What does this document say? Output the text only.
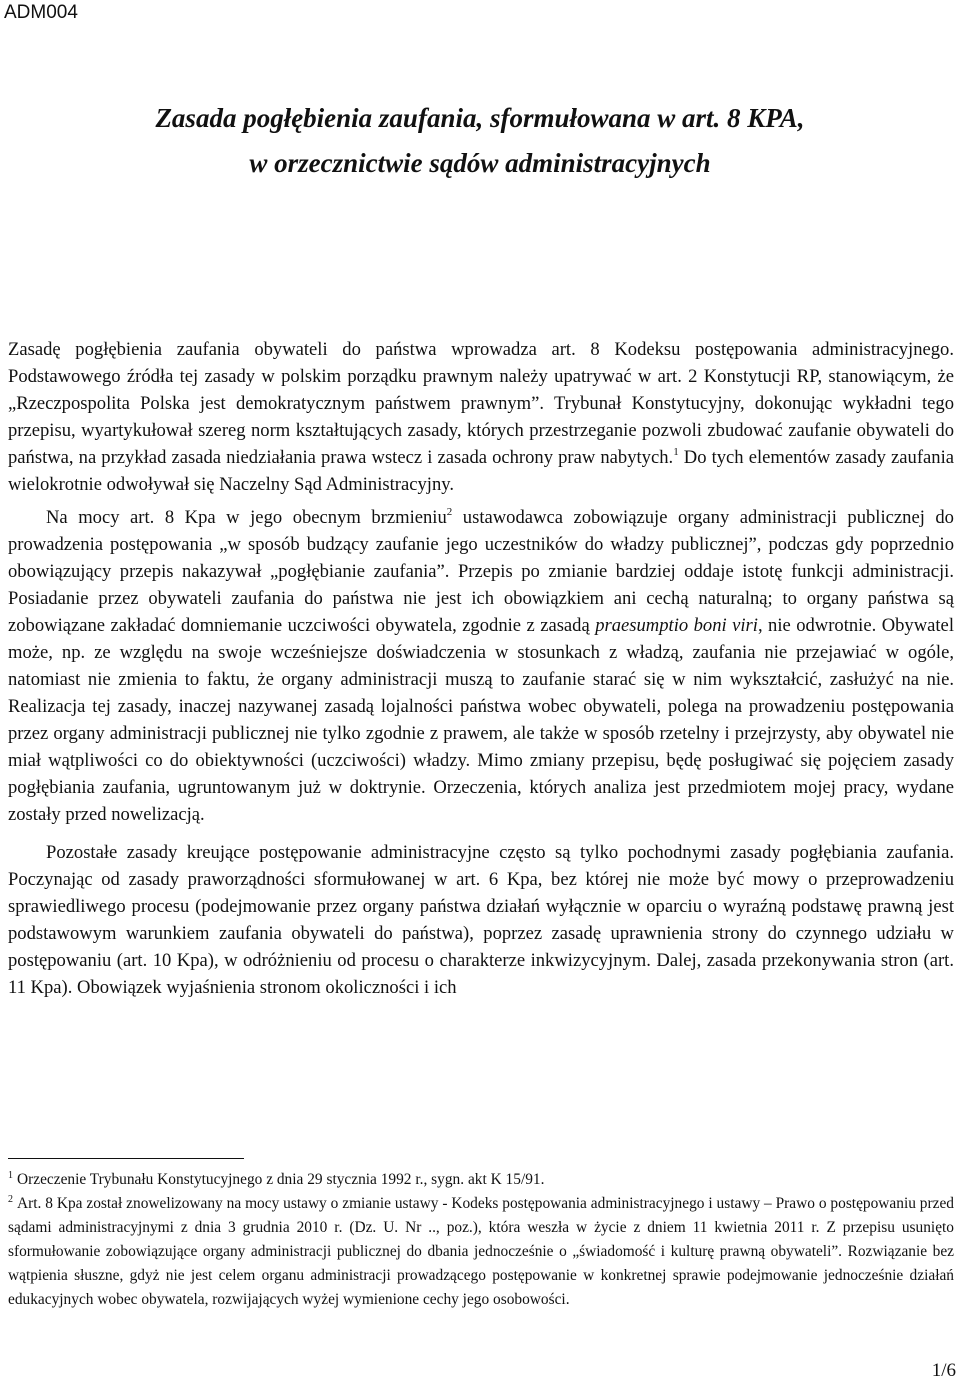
ADM004
Zasada pogłębienia zaufania, sformułowana w art. 8 KPA,
w orzecznictwie sądów administracyjnych

Zasadę pogłębienia zaufania obywateli do państwa wprowadza art. 8 Kodeksu postępowania administracyjnego. Podstawowego źródła tej zasady w polskim porządku prawnym należy upatrywać w art. 2 Konstytucji RP, stanowiącym, że „Rzeczpospolita Polska jest demokratycznym państwem prawnym”. Trybunał Konstytucyjny, dokonując wykładni tego przepisu, wyartykułował szereg norm kształtujących zasady, których przestrzeganie pozwoli zbudować zaufanie obywateli do państwa, na przykład zasada niedziałania prawa wstecz i zasada ochrony praw nabytych.$^1$ Do tych elementów zasady zaufania wielokrotnie odwoływał się Naczelny Sąd Administracyjny.

Na mocy art. 8 Kpa w jego obecnym brzmieniu$^2$ ustawodawca zobowiązuje organy administracji publicznej do prowadzenia postępowania „w sposób budzący zaufanie jego uczestników do władzy publicznej”, podczas gdy poprzednio obowiązujący przepis nakazywał „pogłębianie zaufania”. Przepis po zmianie bardziej oddaje istotę funkcji administracji. Posiadanie przez obywateli zaufania do państwa nie jest ich obowiązkiem ani cechą naturalną; to organy państwa są zobowiązane zakładać domniemanie uczciwości obywatela, zgodnie z zasadą praesumptio boni viri, nie odwrotnie. Obywatel może, np. ze względu na swoje wcześniejsze doświadczenia w stosunkach z władzą, zaufania nie przejawiać w ogóle, natomiast nie zmienia to faktu, że organy administracji muszą to zaufanie starać się w nim wykształcić, zasłużyć na nie. Realizacja tej zasady, inaczej nazywanej zasadą lojalności państwa wobec obywateli, polega na prowadzeniu postępowania przez organy administracji publicznej nie tylko zgodnie z prawem, ale także w sposób rzetelny i przejrzysty, aby obywatel nie miał wątpliwości co do obiektywności (uczciwości) władzy. Mimo zmiany przepisu, będę posługiwać się pojęciem zasady pogłębiania zaufania, ugruntowanym już w doktrynie. Orzeczenia, których analiza jest przedmiotem mojej pracy, wydane zostały przed nowelizacją.

Pozostałe zasady kreujące postępowanie administracyjne często są tylko pochodnymi zasady pogłębiania zaufania. Poczynając od zasady praworządności sformułowanej w art. 6 Kpa, bez której nie może być mowy o przeprowadzeniu sprawiedliwego procesu (podejmowanie przez organy państwa działań wyłącznie w oparciu o wyraźną podstawę prawną jest podstawowym warunkiem zaufania obywateli do państwa), poprzez zasadę uprawnienia strony do czynnego udziału w postępowaniu (art. 10 Kpa), w odróżnieniu od procesu o charakterze inkwizycyjnym. Dalej, zasada przekonywania stron (art. 11 Kpa). Obowiązek wyjaśnienia stronom okoliczności i ich

$^1$ Orzeczenie Trybunału Konstytucyjnego z dnia 29 stycznia 1992 r., sygn. akt K 15/91.

$^2$ Art. 8 Kpa został znowelizowany na mocy ustawy o zmianie ustawy - Kodeks postępowania administracyjnego i ustawy – Prawo o postępowaniu przed sądami administracyjnymi z dnia 3 grudnia 2010 r. (Dz. U. Nr .., poz.), która weszła w życie z dniem 11 kwietnia 2011 r. Z przepisu usunięto sformułowanie zobowiązujące organy administracji publicznej do dbania jednocześnie o „świadomość i kulturę prawną obywateli”. Rozwiązanie bez wątpienia słuszne, gdyż nie jest celem organu administracji prowadzącego postępowanie w konkretnej sprawie podejmowanie jednocześnie działań edukacyjnych wobec obywatela, rozwijających wyżej wymienione cechy jego osobowości.

1/6
